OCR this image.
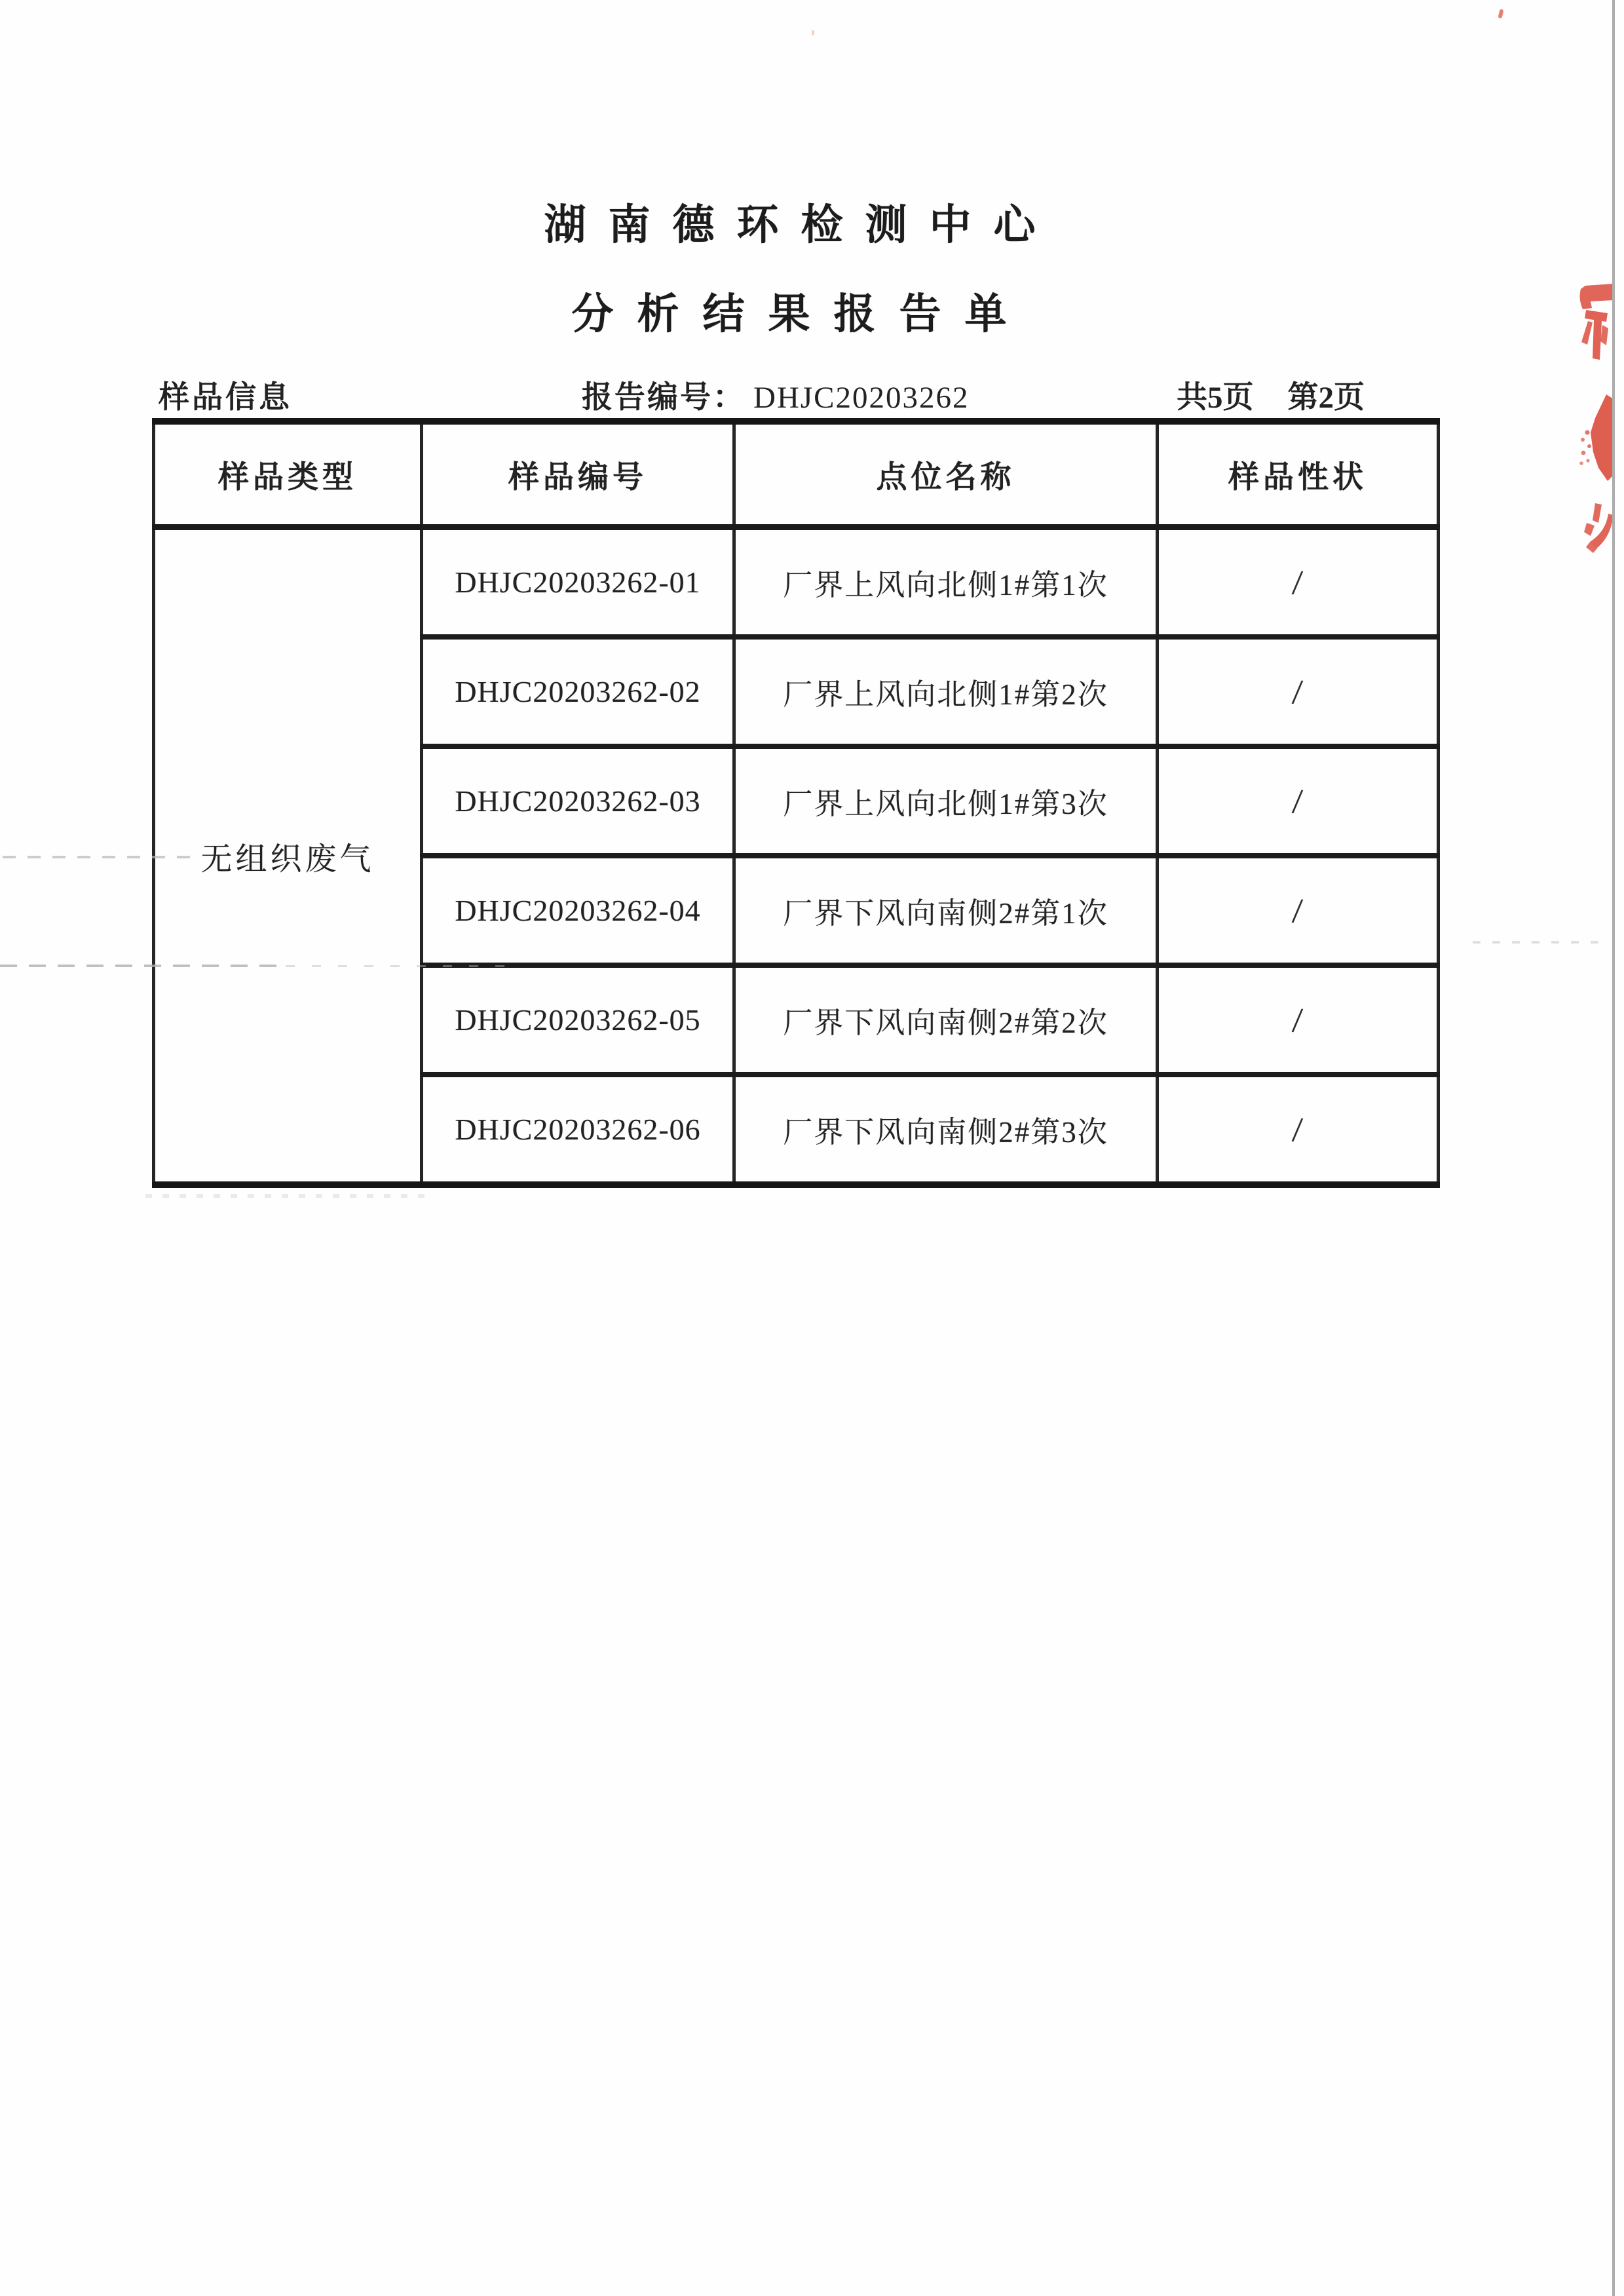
湖南德环检测中心
分析结果报告单
样品信息	报告编号： DHJC20203262	共5页 第2页
样品类型	样品编号	点位名称	样品性状
无组织废气	DHJC20203262-01	厂界上风向北侧1#第1次	/
	DHJC20203262-02	厂界上风向北侧1#第2次	/
	DHJC20203262-03	厂界上风向北侧1#第3次	/
	DHJC20203262-04	厂界下风向南侧2#第1次	/
	DHJC20203262-05	厂界下风向南侧2#第2次	/
	DHJC20203262-06	厂界下风向南侧2#第3次	/
